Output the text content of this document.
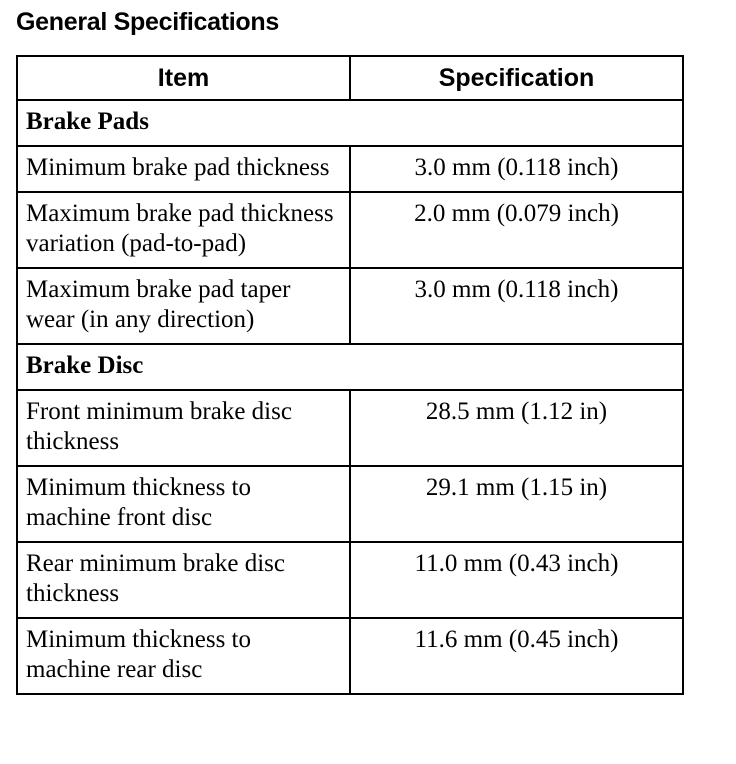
General Specifications
Item	Specification
Brake Pads	
Minimum brake pad thickness	3.0 mm (0.118 inch)
Maximum brake pad thickness variation (pad-to-pad)	2.0 mm (0.079 inch)
Maximum brake pad taper wear (in any direction)	3.0 mm (0.118 inch)
Brake Disc	
Front minimum brake disc thickness	28.5 mm (1.12 in)
Minimum thickness to machine front disc	29.1 mm (1.15 in)
Rear minimum brake disc thickness	11.0 mm (0.43 inch)
Minimum thickness to machine rear disc	11.6 mm (0.45 inch)
